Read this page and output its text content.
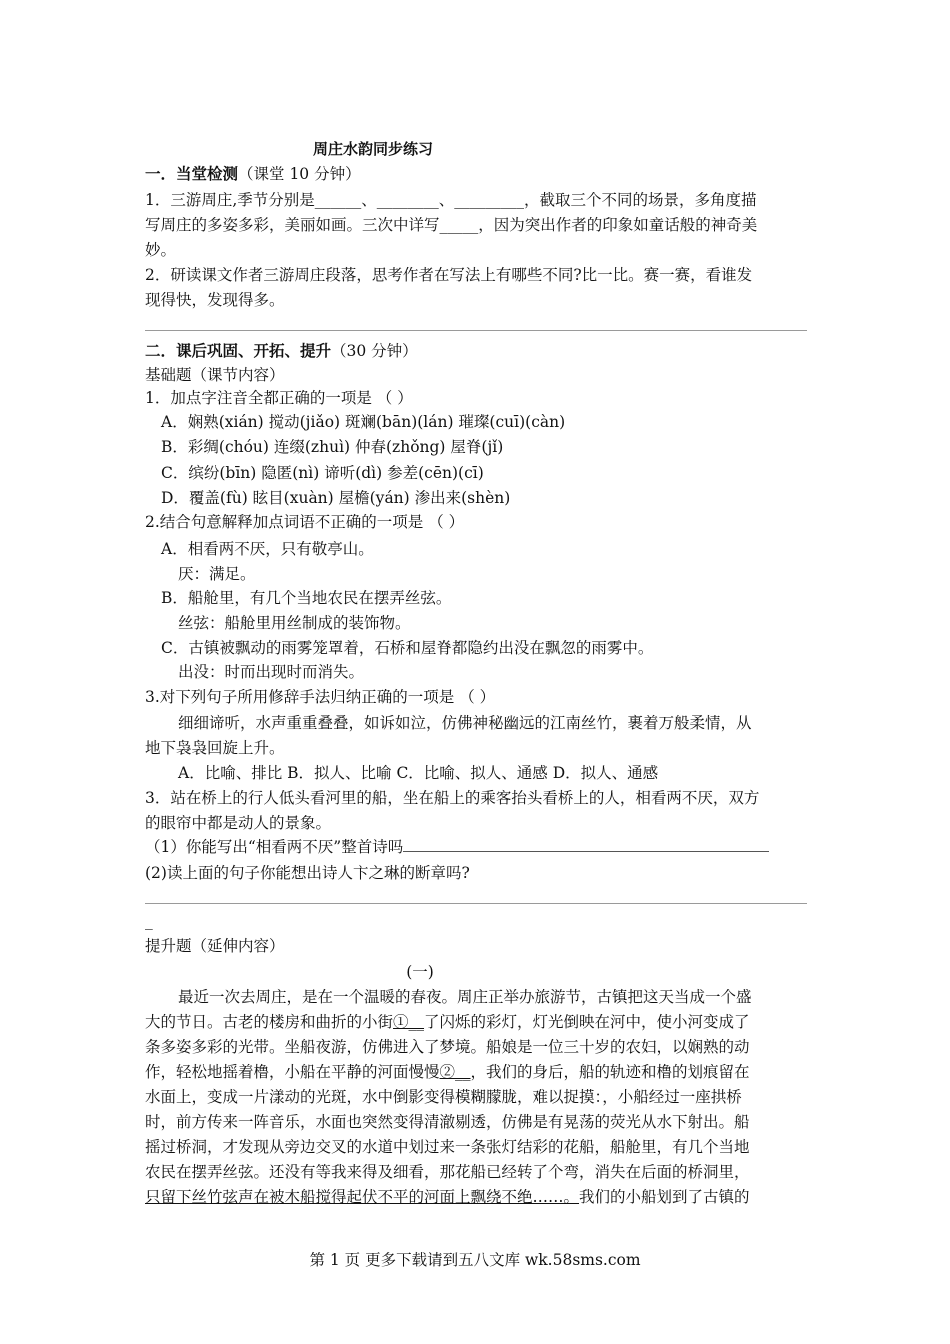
周庄水韵同步练习
一．当堂检测（课堂 10 分钟）
1．三游周庄,季节分别是______、________、_________，截取三个不同的场景，多角度描
写周庄的多姿多彩，美丽如画。三次中详写_____，因为突出作者的印象如童话般的神奇美
妙。
2．研读课文作者三游周庄段落，思考作者在写法上有哪些不同?比一比。赛一赛，看谁发
现得快，发现得多。
二．课后巩固、开拓、提升（30 分钟）
基础题（课节内容）
1．加点字注音全都正确的一项是 （ ）
A．娴熟(xián) 搅动(jiǎo) 斑斓(bān)(lán) 璀璨(cuī)(càn)
B．彩绸(chóu) 连缀(zhuì) 仲春(zhǒng) 屋脊(jǐ)
C．缤纷(bīn) 隐匿(nì) 谛听(dì) 参差(cēn)(cī)
D．覆盖(fù) 眩目(xuàn) 屋檐(yán) 渗出来(shèn)
2.结合句意解释加点词语不正确的一项是 （ ）
A．相看两不厌，只有敬亭山。
厌：满足。
B．船舱里，有几个当地农民在摆弄丝弦。
丝弦：船舱里用丝制成的装饰物。
C．古镇被飘动的雨雾笼罩着，石桥和屋脊都隐约出没在飘忽的雨雾中。
出没：时而出现时而消失。
3.对下列句子所用修辞手法归纳正确的一项是 （ ）
细细谛听，水声重重叠叠，如诉如泣，仿佛神秘幽远的江南丝竹，裹着万般柔情，从
地下袅袅回旋上升。
A．比喻、排比 B．拟人、比喻 C．比喻、拟人、通感 D．拟人、通感
3．站在桥上的行人低头看河里的船，坐在船上的乘客抬头看桥上的人，相看两不厌，双方
的眼帘中都是动人的景象。
（1）你能写出“相看两不厌”整首诗吗
(2)读上面的句子你能想出诗人卞之琳的断章吗?
_
提升题（延伸内容）
(一)
最近一次去周庄，是在一个温暖的春夜。周庄正举办旅游节，古镇把这天当成一个盛
大的节日。古老的楼房和曲折的小街①__了闪烁的彩灯，灯光倒映在河中，使小河变成了
条多姿多彩的光带。坐船夜游，仿佛进入了梦境。船娘是一位三十岁的农妇，以娴熟的动
作，轻松地摇着橹，小船在平静的河面慢慢②__，我们的身后，船的轨迹和橹的划痕留在
水面上，变成一片漾动的光斑，水中倒影变得模糊朦胧，难以捉摸：，小船经过一座拱桥
时，前方传来一阵音乐，水面也突然变得清澈剔透，仿佛是有晃荡的荧光从水下射出。船
摇过桥洞，才发现从旁边交叉的水道中划过来一条张灯结彩的花船，船舱里，有几个当地
农民在摆弄丝弦。还没有等我来得及细看，那花船已经转了个弯，消失在后面的桥洞里，
只留下丝竹弦声在被木船搅得起伏不平的河面上飘绕不绝……。我们的小船划到了古镇的
第 1 页 更多下载请到五八文库 wk.58sms.com
